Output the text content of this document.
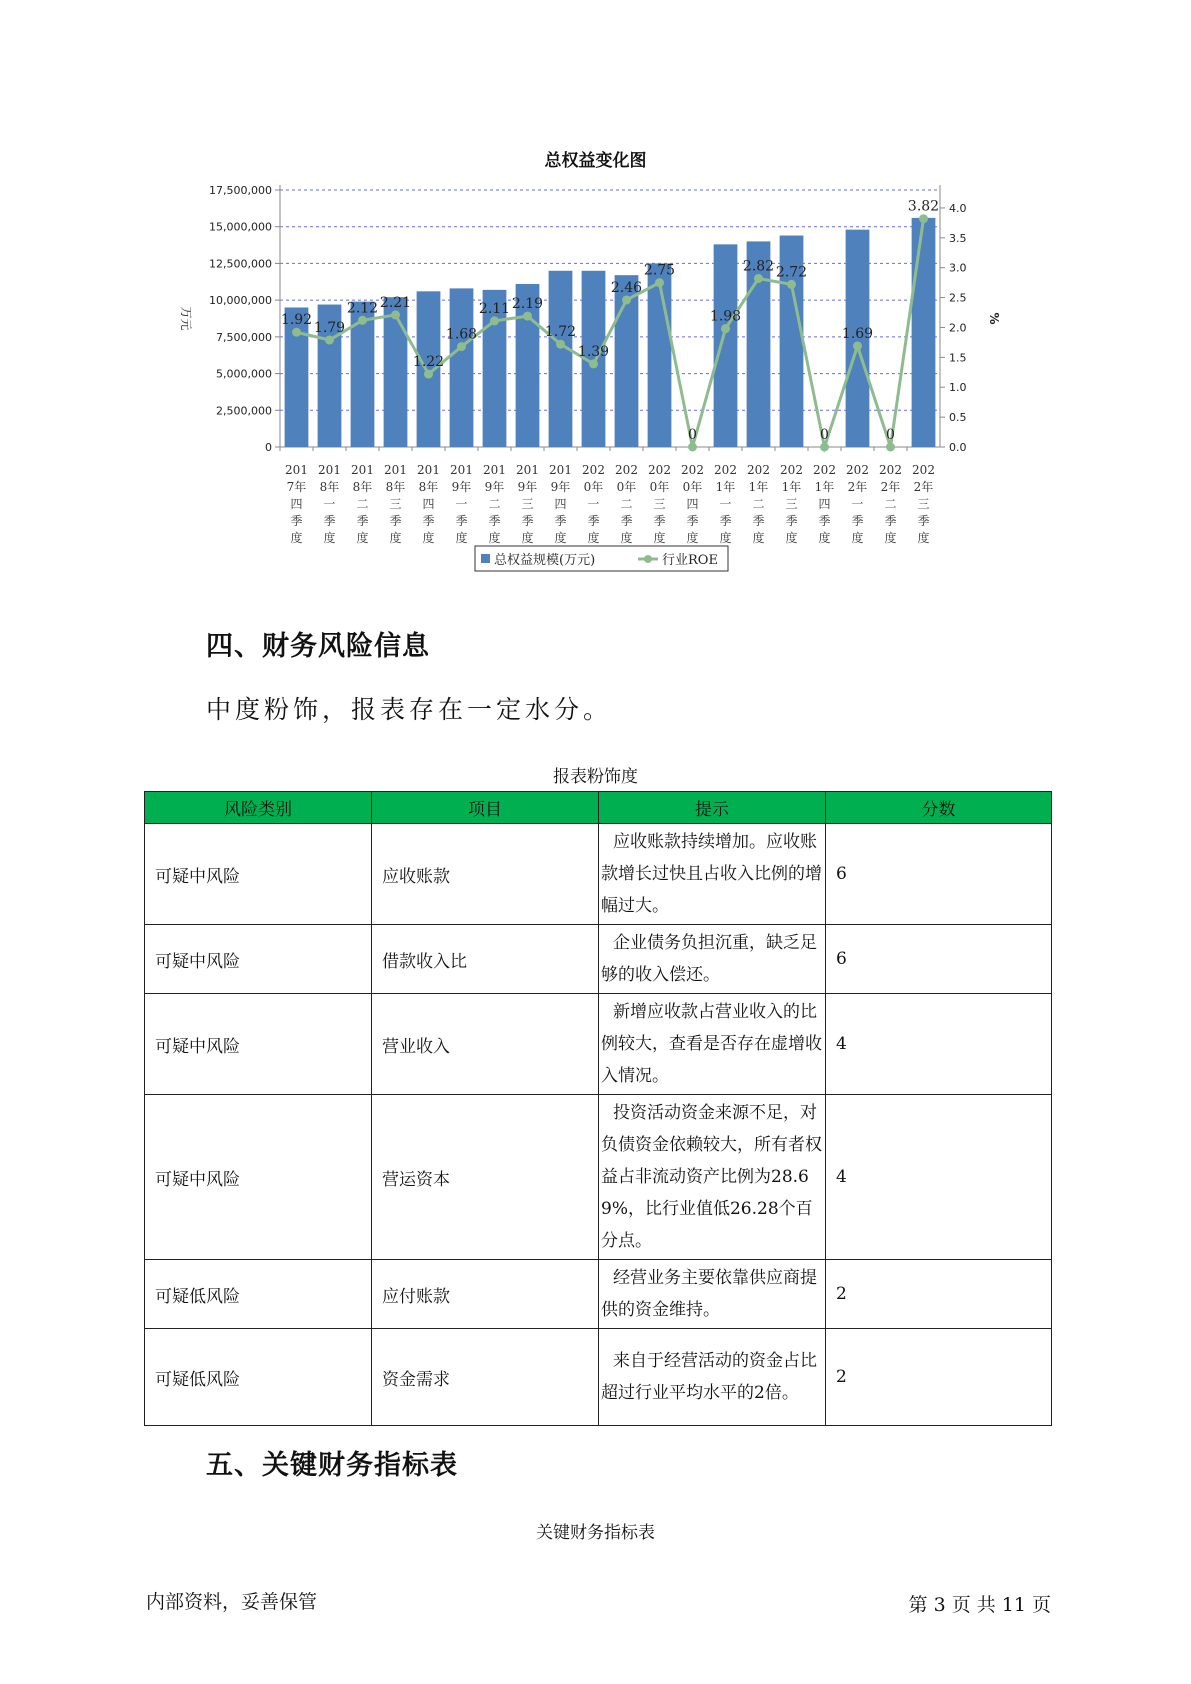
总权益变化图
0
2,500,000
5,000,000
7,500,000
10,000,000
12,500,000
15,000,000
17,500,000
0.0
0.5
1.0
1.5
2.0
2.5
3.0
3.5
4.0
万元	%
1.92 1.79
2.12 2.21
1.22
1.68
2.11 2.19
1.72
1.39
2.46
2.75
0
1.98
2.82 2.72
0
1.69
0
3.82
201
7年
四
季
度
201
8年
一
季
度
201
8年
二
季
度
201
8年
三
季
度
201
8年
四
季
度
201
9年
一
季
度
201
9年
二
季
度
201
9年
三
季
度
201
9年
四
季
度
202
0年
一
季
度
202
0年
二
季
度
202
0年
三
季
度
202
0年
四
季
度
202
1年
一
季
度
202
1年
二
季
度
202
1年
三
季
度
202
1年
四
季
度
202
2年
一
季
度
202
2年
二
季
度
202
2年
三
季
度
总权益规模(万元)	行业ROE
四、财务风险信息
中度粉饰，报表存在一定水分。
报表粉饰度
风险类别	项目	提示	分数
可疑中风险	应收账款	应收账款持续增加。应收账款增长过快且占收入比例的增幅过大。	6
可疑中风险	借款收入比	企业债务负担沉重，缺乏足够的收入偿还。	6
可疑中风险	营业收入	新增应收款占营业收入的比例较大，查看是否存在虚增收入情况。	4
可疑中风险	营运资本	投资活动资金来源不足，对负债资金依赖较大，所有者权益占非流动资产比例为28.69%，比行业值低26.28个百分点。	4
可疑低风险	应付账款	经营业务主要依靠供应商提供的资金维持。	2
可疑低风险	资金需求	来自于经营活动的资金占比超过行业平均水平的2倍。	2
五、关键财务指标表
关键财务指标表
内部资料，妥善保管	第 3 页 共 11 页
